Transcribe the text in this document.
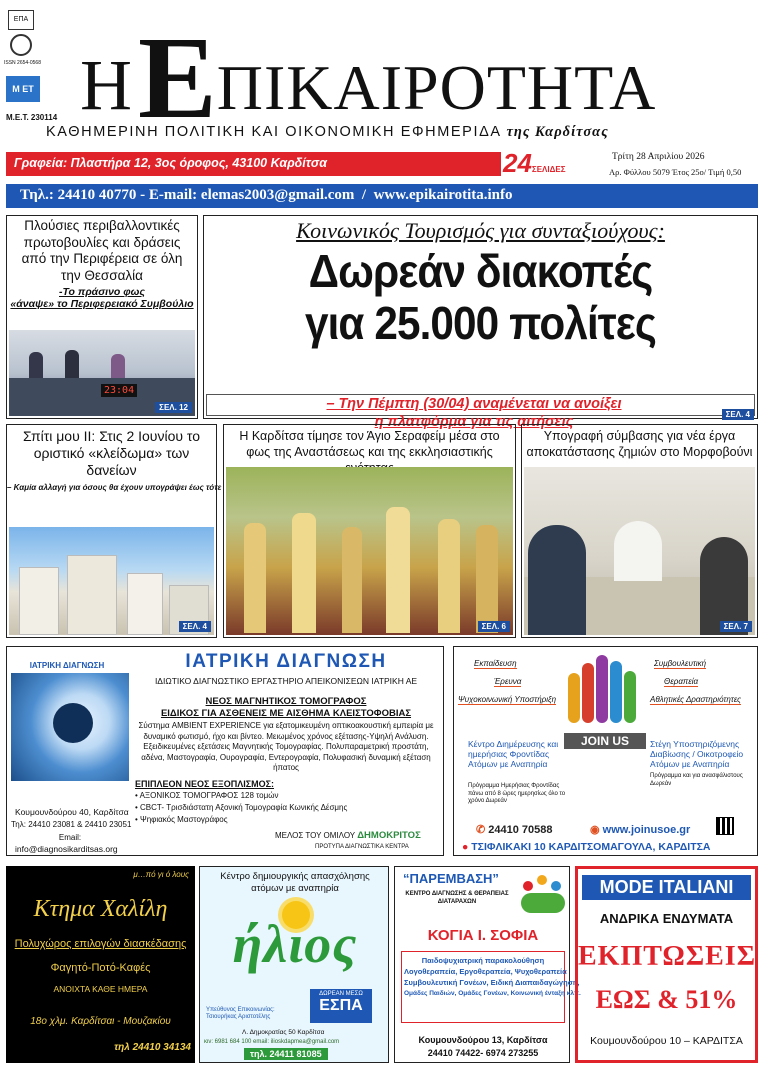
ΕΠΑ
ISSN 2654-0568
Μ ΕΤ
Μ.Ε.Τ. 230114 ΗΕΠΙΚΑΙΡΟΤΗΤΑ
ΚΑΘΗΜΕΡΙΝΗ ΠΟΛΙΤΙΚΗ ΚΑΙ ΟΙΚΟΝΟΜΙΚΗ ΕΦΗΜΕΡΙΔΑ της Καρδίτσας
Γραφεία: Πλαστήρα 12, 3ος όροφος, 43100 Καρδίτσα	24ΣΕΛΙΔΕΣ
Τρίτη 28 Απριλίου 2026
Αρ. Φύλλου 5079 Έτος 25ο/ Τιμή 0,50
Τηλ.: 24410 40770 - E-mail: elemas2003@gmail.com  /  www.epikairotita.info
Πλούσιες περιβαλλοντικές πρωτοβουλίες και δράσεις από την Περιφέρεια σε όλη την Θεσσαλία
-Το πράσινο φως
«άναψε» το Περιφερειακό Συμβούλιο
23:04
ΣΕΛ. 12
Κοινωνικός Τουρισμός για συνταξιούχους:
Δωρεάν διακοπές
για 25.000 πολίτες
– Την Πέμπτη (30/04) αναμένεται να ανοίξει
η πλατφόρμα για τις αιτήσεις	ΣΕΛ. 4
Σπίτι μου ΙΙ: Στις 2 Ιουνίου το οριστικό «κλείδωμα» των δανείων
– Καμία αλλαγή για όσους θα έχουν υπογράψει έως τότε
ΣΕΛ. 4
Η Καρδίτσα τίμησε τον Άγιο Σεραφείμ μέσα στο φως της Αναστάσεως και της εκκλησιαστικής
ΣΕΛ. 6
Υπογραφή σύμβασης για νέα έργα αποκατάστασης ζημιών στο Μορφοβούνι
ΣΕΛ. 7
ΙΑΤΡΙΚΗ ΔΙΑΓΝΩΣΗ
Κουμουνδούρου 40, Καρδίτσα
Τηλ: 24410 23081 & 24410 23051
Email:
info@diagnosikarditsas.org
ΙΑΤΡΙΚΗ ΔΙΑΓΝΩΣΗ
ΙΔΙΩΤΙΚΟ ΔΙΑΓΝΩΣΤΙΚΟ ΕΡΓΑΣΤΗΡΙΟ ΑΠΕΙΚΟΝΙΣΕΩΝ ΙΑΤΡΙΚΗ ΑΕ
ΝΕΟΣ ΜΑΓΝΗΤΙΚΟΣ ΤΟΜΟΓΡΑΦΟΣ
ΕΙΔΙΚΟΣ ΓΙΑ ΑΣΘΕΝΕΙΣ ΜΕ ΑΙΣΘΗΜΑ ΚΛΕΙΣΤΟΦΟΒΙΑΣ
Σύστημα AMBIENT EXPERIENCE για εξατομικευμένη οπτικοακουστική εμπειρία με δυναμικό φωτισμό, ήχο και βίντεο. Μειωμένος χρόνος εξέτασης-Υψηλή Ανάλυση. Εξειδικευμένες εξετάσεις Μαγνητικής Τομογραφίας. Πολυπαραμετρική προστάτη, αδένα, Μαστογραφία, Ουρογραφία, Εντερογραφία, Πολυφασική δυναμική εξέταση ήπατος
ΕΠΙΠΛΕΟΝ ΝΕΟΣ ΕΞΟΠΛΙΣΜΟΣ:
• ΑΞΟΝΙΚΟΣ ΤΟΜΟΓΡΑΦΟΣ 128 τομών
• CBCT- Τρισδιάστατη Αξονική Τομογραφία Κωνικής Δέσμης
• Ψηφιακός Μαστογράφος
ΜΕΛΟΣ ΤΟΥ ΟΜΙΛΟΥ ΔΗΜΟΚΡΙΤΟΣ
ΠΡΟΤΥΠΑ ΔΙΑΓΝΩΣΤΙΚΑ ΚΕΝΤΡΑ
Εκπαίδευση
Έρευνα
Ψυχοκοινωνική Υποστήριξη
Συμβουλευτική
Θεραπεία
Αθλητικές Δραστηριότητες
JOIN US
Κέντρο Διημέρευσης και ημερήσιας Φροντίδας Ατόμων με Αναπηρία
Πρόγραμμα Ημερήσιας Φροντίδας πάνω από 8 ώρες ημερησίως όλο το χρόνο Δωρεάν
Στέγη Υποστηριζόμενης Διαβίωσης / Οικοτροφείο Ατόμων με Αναπηρία
Πρόγραμμα και για ανασφάλιστους Δωρεάν
✆ 24410 70588	◉ www.joinusoe.gr
● ΤΣΙΦΛΙΚΑΚΙ 10 ΚΑΡΔΙΤΣΟΜΑΓΟΥΛΑ, ΚΑΡΔΙΤΣΑ
μ…πό γι ό λους
Κτημα Χαλίλη
Πολυχώρος επιλογών διασκέδασης
Φαγητό-Ποτό-Καφές
ΑΝΟΙΧΤΑ ΚΑΘΕ ΗΜΕΡΑ
18ο χλμ. Καρδίτσαι - Μουζακίου
τηλ 24410 34134
Κέντρο δημιουργικής απασχόλησης ατόμων με αναπηρία
ήλιος
ΔΩΡΕΑΝ ΜΕΣΩ
ΕΣΠΑ
Υπεύθυνος Επικοινωνίας: Τσιουρήκας Αριστοτέλης
Λ. Δημοκρατίας 50 Καρδίτσα
κιν: 6981 684 100 email: ilioskdapmea@gmail.com
τηλ. 24411 81085
“ΠΑΡΕΜΒΑΣΗ”
ΚΕΝΤΡΟ ΔΙΑΓΝΩΣΗΣ & ΘΕΡΑΠΕΙΑΣ ΔΙΑΤΑΡΑΧΩΝ
ΚΟΓΙΑ Ι. ΣΟΦΙΑ
Παιδοψυχιατρική παρακολούθηση
Λογοθεραπεία, Εργοθεραπεία, Ψυχοθεραπεία
Συμβουλευτική Γονέων, Ειδική Διαπαιδαγώγηση,
Ομάδες Παιδιών, Ομάδες Γονέων, Κοινωνική ένταξη κλπ.
Κουμουνδούρου 13, Καρδίτσα
24410 74422- 6974 273255
MODE ITALIANI
ΑΝΔΡΙΚΑ ΕΝΔΥΜΑΤΑ
ΕΚΠΤΩΣΕΙΣ
ΕΩΣ & 51%
Κουμουνδούρου 10 – ΚΑΡΔΙΤΣΑ
